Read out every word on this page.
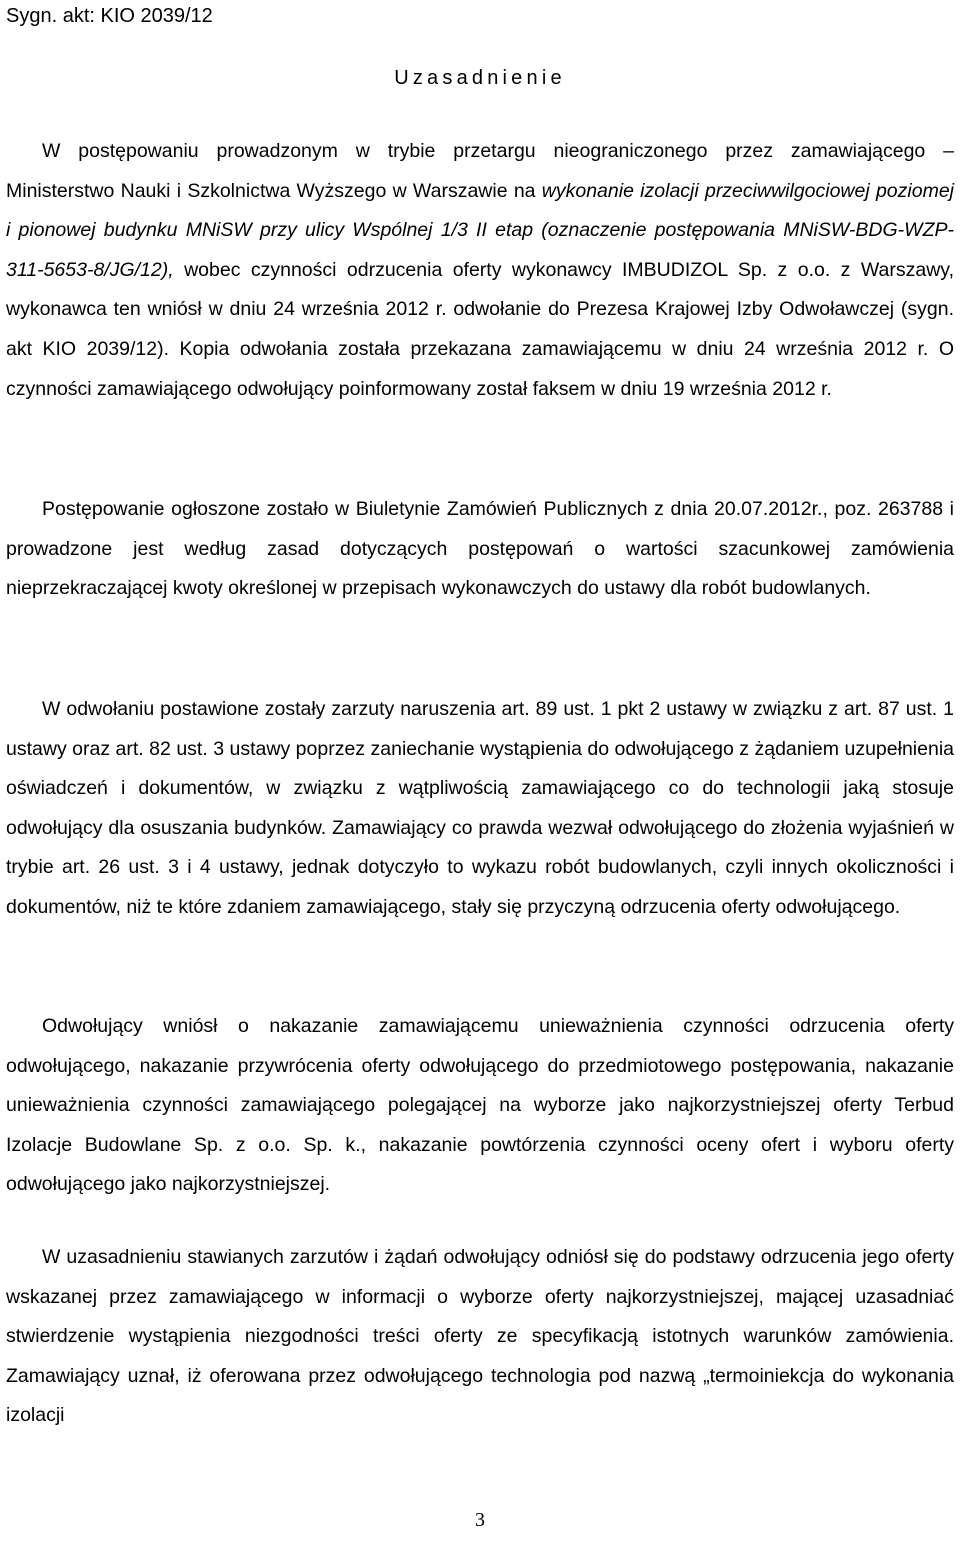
Sygn. akt: KIO 2039/12
Uzasadnienie

W postępowaniu prowadzonym w trybie przetargu nieograniczonego przez zamawiającego – Ministerstwo Nauki i Szkolnictwa Wyższego w Warszawie na wykonanie izolacji przeciwwilgociowej poziomej i pionowej budynku MNiSW przy ulicy Wspólnej 1/3 II etap (oznaczenie postępowania MNiSW-BDG-WZP-311-5653-8/JG/12), wobec czynności odrzucenia oferty wykonawcy IMBUDIZOL Sp. z o.o. z Warszawy, wykonawca ten wniósł w dniu 24 września 2012 r. odwołanie do Prezesa Krajowej Izby Odwoławczej (sygn. akt KIO 2039/12). Kopia odwołania została przekazana zamawiającemu w dniu 24 września 2012 r. O czynności zamawiającego odwołujący poinformowany został faksem w dniu 19 września 2012 r.

Postępowanie ogłoszone zostało w Biuletynie Zamówień Publicznych z dnia 20.07.2012r., poz. 263788 i prowadzone jest według zasad dotyczących postępowań o wartości szacunkowej zamówienia nieprzekraczającej kwoty określonej w przepisach wykonawczych do ustawy dla robót budowlanych.

W odwołaniu postawione zostały zarzuty naruszenia art. 89 ust. 1 pkt 2 ustawy w związku z art. 87 ust. 1 ustawy oraz art. 82 ust. 3 ustawy poprzez zaniechanie wystąpienia do odwołującego z żądaniem uzupełnienia oświadczeń i dokumentów, w związku z wątpliwością zamawiającego co do technologii jaką stosuje odwołujący dla osuszania budynków. Zamawiający co prawda wezwał odwołującego do złożenia wyjaśnień w trybie art. 26 ust. 3 i 4 ustawy, jednak dotyczyło to wykazu robót budowlanych, czyli innych okoliczności i dokumentów, niż te które zdaniem zamawiającego, stały się przyczyną odrzucenia oferty odwołującego.

Odwołujący wniósł o nakazanie zamawiającemu unieważnienia czynności odrzucenia oferty odwołującego, nakazanie przywrócenia oferty odwołującego do przedmiotowego postępowania, nakazanie unieważnienia czynności zamawiającego polegającej na wyborze jako najkorzystniejszej oferty Terbud Izolacje Budowlane Sp. z o.o. Sp. k., nakazanie powtórzenia czynności oceny ofert i wyboru oferty odwołującego jako najkorzystniejszej.

W uzasadnieniu stawianych zarzutów i żądań odwołujący odniósł się do podstawy odrzucenia jego oferty wskazanej przez zamawiającego w informacji o wyborze oferty najkorzystniejszej, mającej uzasadniać stwierdzenie wystąpienia niezgodności treści oferty ze specyfikacją istotnych warunków zamówienia. Zamawiający uznał, iż oferowana przez odwołującego technologia pod nazwą „termoiniekcja do wykonania izolacji

3
